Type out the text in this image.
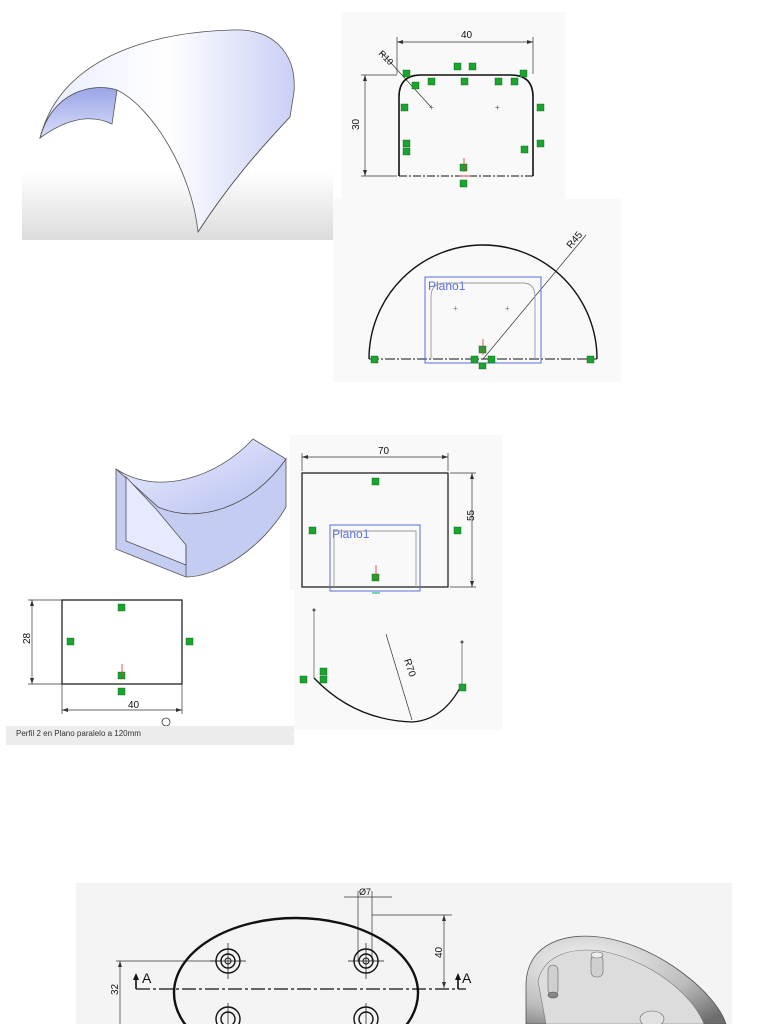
40
30
R10
+	+
R45
Plano1
+	+
70
55
Plano1
28
40
Perfil 2 en Plano paralelo a 120mm
R70
Ø7
40
32
A	A
